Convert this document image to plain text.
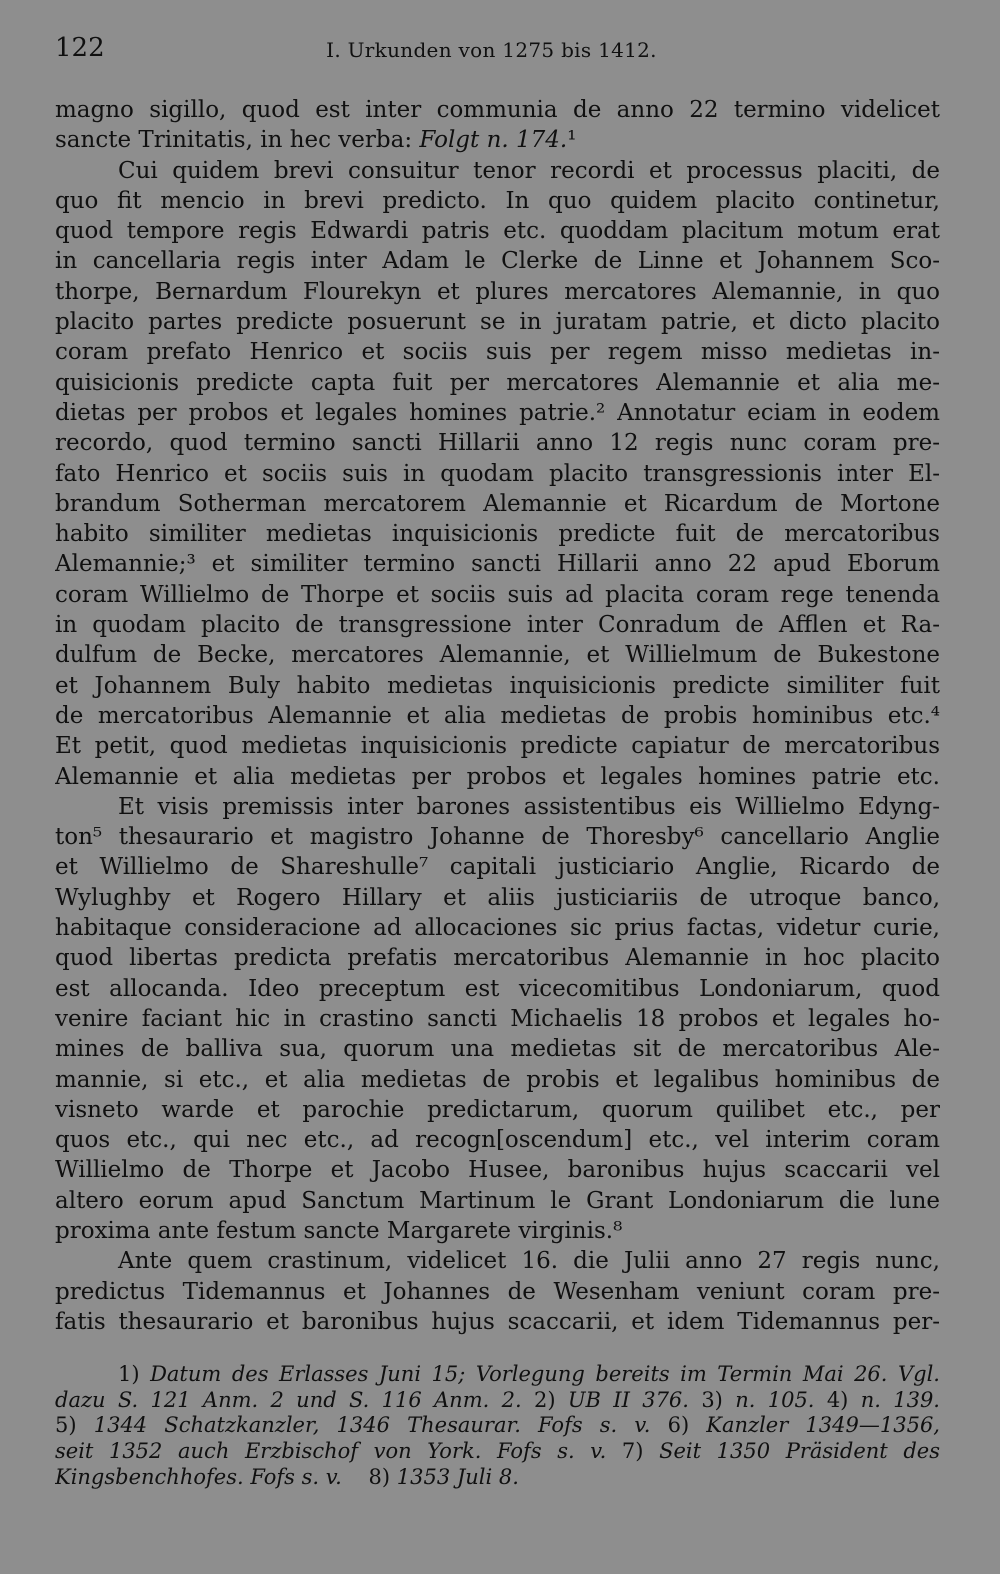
122	I. Urkunden von 1275 bis 1412.
magno sigillo, quod est inter communia de anno 22 termino videlicet
sancte Trinitatis, in hec verba: Folgt n. 174.¹
Cui quidem brevi consuitur tenor recordi et processus placiti, de
quo fit mencio in brevi predicto. In quo quidem placito continetur,
quod tempore regis Edwardi patris etc. quoddam placitum motum erat
in cancellaria regis inter Adam le Clerke de Linne et Johannem Sco-
thorpe, Bernardum Flourekyn et plures mercatores Alemannie, in quo
placito partes predicte posuerunt se in juratam patrie, et dicto placito
coram prefato Henrico et sociis suis per regem misso medietas in-
quisicionis predicte capta fuit per mercatores Alemannie et alia me-
dietas per probos et legales homines patrie.² Annotatur eciam in eodem
recordo, quod termino sancti Hillarii anno 12 regis nunc coram pre-
fato Henrico et sociis suis in quodam placito transgressionis inter El-
brandum Sotherman mercatorem Alemannie et Ricardum de Mortone
habito similiter medietas inquisicionis predicte fuit de mercatoribus
Alemannie;³ et similiter termino sancti Hillarii anno 22 apud Eborum
coram Willielmo de Thorpe et sociis suis ad placita coram rege tenenda
in quodam placito de transgressione inter Conradum de Afflen et Ra-
dulfum de Becke, mercatores Alemannie, et Willielmum de Bukestone
et Johannem Buly habito medietas inquisicionis predicte similiter fuit
de mercatoribus Alemannie et alia medietas de probis hominibus etc.⁴
Et petit, quod medietas inquisicionis predicte capiatur de mercatoribus
Alemannie et alia medietas per probos et legales homines patrie etc.
Et visis premissis inter barones assistentibus eis Willielmo Edyng-
ton⁵ thesaurario et magistro Johanne de Thoresby⁶ cancellario Anglie
et Willielmo de Shareshulle⁷ capitali justiciario Anglie, Ricardo de
Wylughby et Rogero Hillary et aliis justiciariis de utroque banco,
habitaque consideracione ad allocaciones sic prius factas, videtur curie,
quod libertas predicta prefatis mercatoribus Alemannie in hoc placito
est allocanda. Ideo preceptum est vicecomitibus Londoniarum, quod
venire faciant hic in crastino sancti Michaelis 18 probos et legales ho-
mines de balliva sua, quorum una medietas sit de mercatoribus Ale-
mannie, si etc., et alia medietas de probis et legalibus hominibus de
visneto warde et parochie predictarum, quorum quilibet etc., per
quos etc., qui nec etc., ad recogn[oscendum] etc., vel interim coram
Willielmo de Thorpe et Jacobo Husee, baronibus hujus scaccarii vel
altero eorum apud Sanctum Martinum le Grant Londoniarum die lune
proxima ante festum sancte Margarete virginis.⁸
Ante quem crastinum, videlicet 16. die Julii anno 27 regis nunc,
predictus Tidemannus et Johannes de Wesenham veniunt coram pre-
fatis thesaurario et baronibus hujus scaccarii, et idem Tidemannus per-
1) Datum des Erlasses Juni 15; Vorlegung bereits im Termin Mai 26. Vgl.
dazu S. 121 Anm. 2 und S. 116 Anm. 2. 2) UB II 376. 3) n. 105. 4) n. 139.
5) 1344 Schatzkanzler, 1346 Thesaurar. Fofs s. v. 6) Kanzler 1349—1356,
seit 1352 auch Erzbischof von York. Fofs s. v. 7) Seit 1350 Präsident des
Kingsbenchhofes. Fofs s. v. 8) 1353 Juli 8.
